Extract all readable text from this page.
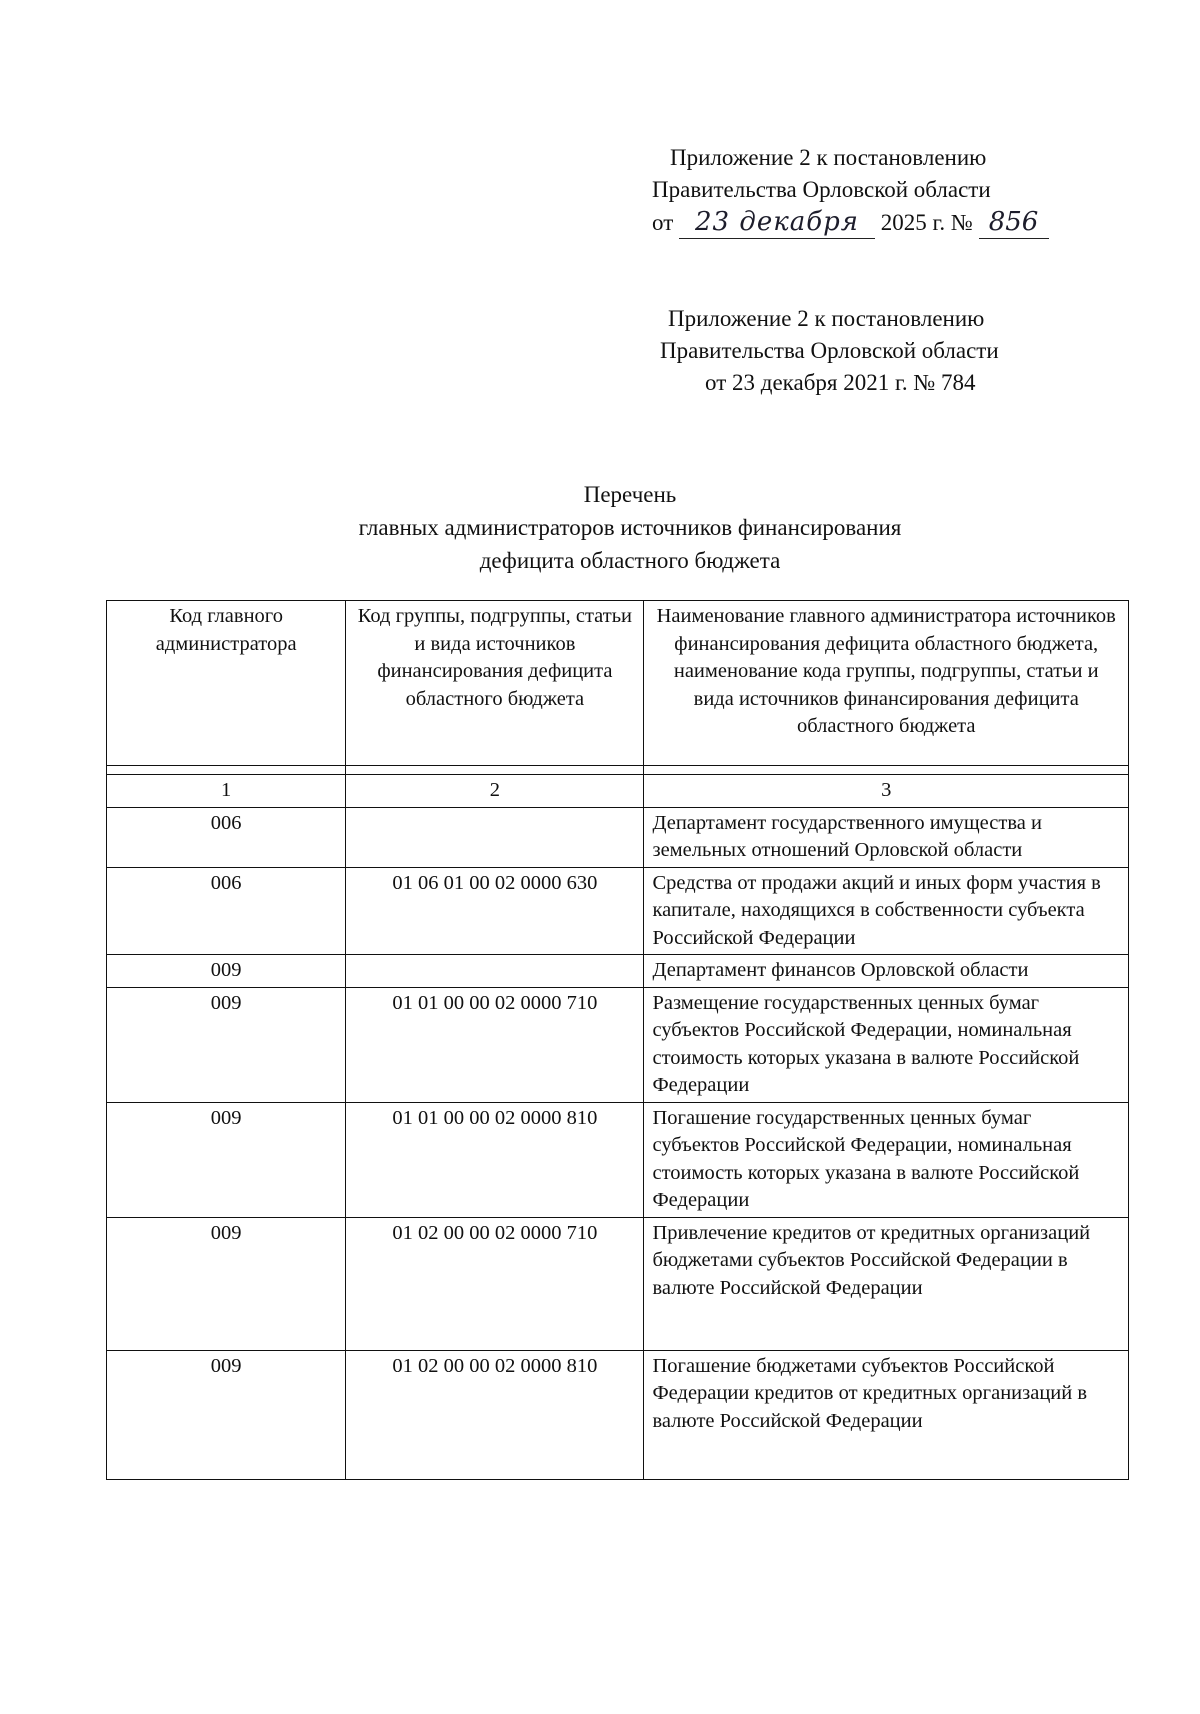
Приложение 2 к постановлению
Правительства Орловской области
от 23 декабря 2025 г. № 856
Приложение 2 к постановлению
Правительства Орловской области
от 23 декабря 2021 г. № 784
Перечень
главных администраторов источников финансирования
дефицита областного бюджета
Код главного администратора	Код группы, подгруппы, статьи и вида источников финансирования дефицита областного бюджета	Наименование главного администратора источников финансирования дефицита областного бюджета, наименование кода группы, подгруппы, статьи и вида источников финансирования дефицита областного бюджета

1	2	3
006		Департамент государственного имущества и земельных отношений Орловской области
006	01 06 01 00 02 0000 630	Средства от продажи акций и иных форм участия в капитале, находящихся в собственности субъекта Российской Федерации
009		Департамент финансов Орловской области
009	01 01 00 00 02 0000 710	Размещение государственных ценных бумаг субъектов Российской Федерации, номинальная стоимость которых указана в валюте Российской Федерации
009	01 01 00 00 02 0000 810	Погашение государственных ценных бумаг субъектов Российской Федерации, номинальная стоимость которых указана в валюте Российской Федерации
009	01 02 00 00 02 0000 710	Привлечение кредитов от кредитных организаций бюджетами субъектов Российской Федерации в валюте Российской Федерации
009	01 02 00 00 02 0000 810	Погашение бюджетами субъектов Российской Федерации кредитов от кредитных организаций в валюте Российской Федерации
